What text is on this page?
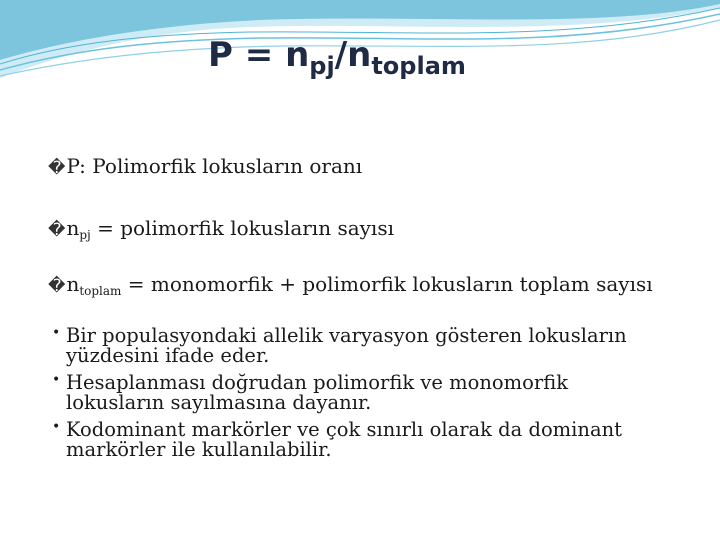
$P = n_{pj}/n_{toplam}$
�P: Polimorfik lokusların oranı
$�n_{pj}$ = polimorfik lokusların sayısı
$�n_{toplam}$ = monomorfik + polimorfik lokusların toplam sayısı
• Bir populasyondaki allelik varyasyon gösteren lokusların
yüzdesini ifade eder.
• Hesaplanması doğrudan polimorfik ve monomorfik
lokusların sayılmasına dayanır.
• Kodominant markörler ve çok sınırlı olarak da dominant
markörler ile kullanılabilir.
